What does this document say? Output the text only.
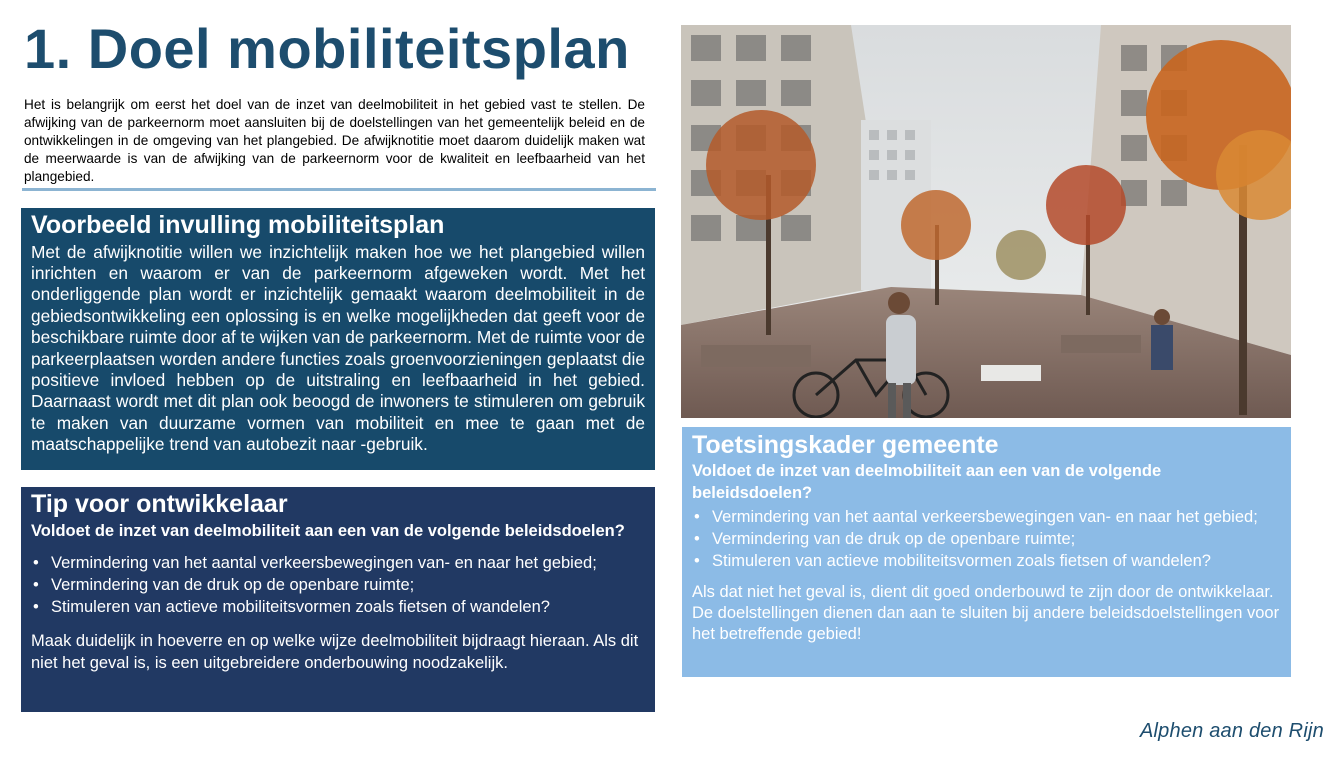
1. Doel mobiliteitsplan
Het is belangrijk om eerst het doel van de inzet van deelmobiliteit in het gebied vast te stellen. De afwijking van de parkeernorm moet aansluiten bij de doelstellingen van het gemeentelijk beleid en de ontwikkelingen in de omgeving van het plangebied. De afwijknotitie moet daarom duidelijk maken wat de meerwaarde is van de afwijking van de parkeernorm voor de kwaliteit en leefbaarheid van het plangebied.
Voorbeeld invulling mobiliteitsplan

Met de afwijknotitie willen we inzichtelijk maken hoe we het plangebied willen inrichten en waarom er van de parkeernorm afgeweken wordt. Met het onderliggende plan wordt er inzichtelijk gemaakt waarom deelmobiliteit in de gebiedsontwikkeling een oplossing is en welke mogelijkheden dat geeft voor de beschikbare ruimte door af te wijken van de parkeernorm. Met de ruimte voor de parkeerplaatsen worden andere functies zoals groenvoorzieningen geplaatst die positieve invloed hebben op de uitstraling en leefbaarheid in het gebied. Daarnaast wordt met dit plan ook beoogd de inwoners te stimuleren om gebruik te maken van duurzame vormen van mobiliteit en mee te gaan met de maatschappelijke trend van autobezit naar -gebruik.

Tip voor ontwikkelaar
Voldoet de inzet van deelmobiliteit aan een van de volgende beleidsdoelen?
• Vermindering van het aantal verkeersbewegingen van- en naar het gebied;
• Vermindering van de druk op de openbare ruimte;
• Stimuleren van actieve mobiliteitsvormen zoals fietsen of wandelen?

Maak duidelijk in hoeverre en op welke wijze deelmobiliteit bijdraagt hieraan. Als dit niet het geval is, is een uitgebreidere onderbouwing noodzakelijk.

Toetsingskader gemeente
Voldoet de inzet van deelmobiliteit aan een van de volgende beleidsdoelen?
• Vermindering van het aantal verkeersbewegingen van- en naar het gebied;
• Vermindering van de druk op de openbare ruimte;
• Stimuleren van actieve mobiliteitsvormen zoals fietsen of wandelen?

Als dat niet het geval is, dient dit goed onderbouwd te zijn door de ontwikkelaar. De doelstellingen dienen dan aan te sluiten bij andere beleidsdoelstellingen voor het betreffende gebied!

Alphen aan den Rijn
